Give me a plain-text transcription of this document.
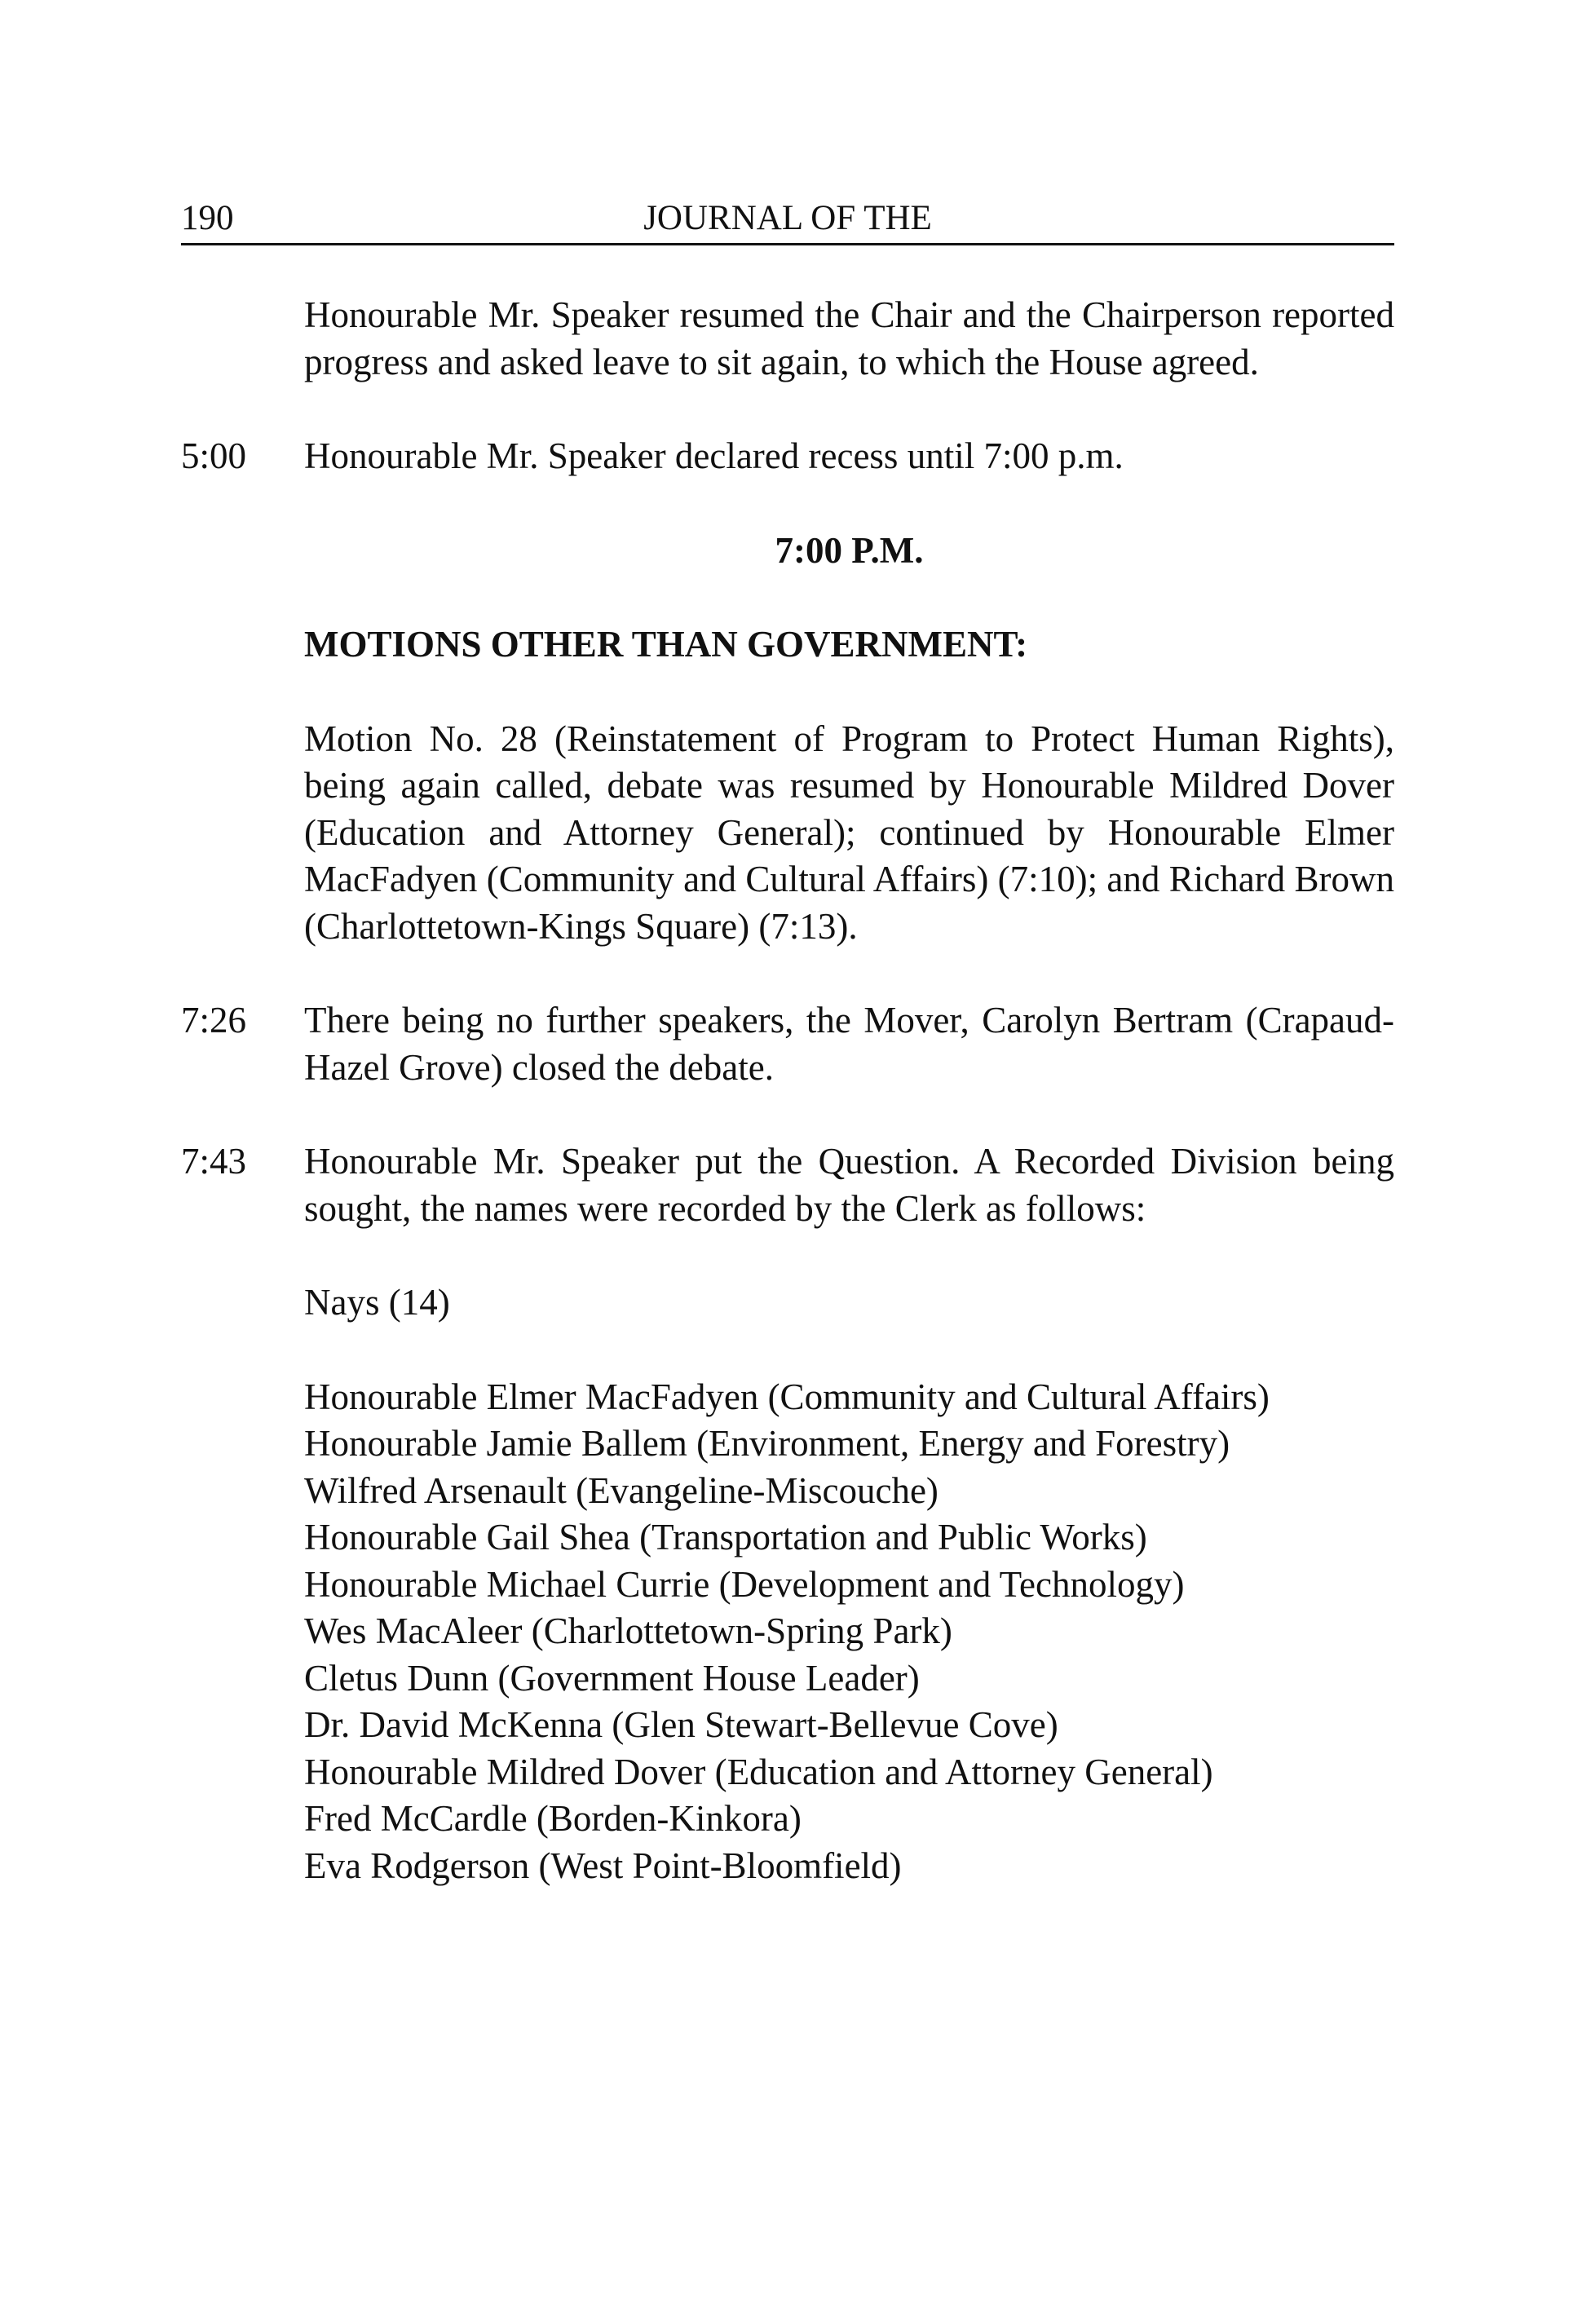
190	JOURNAL OF THE
Honourable Mr. Speaker resumed the Chair and the Chairperson reported progress and asked leave to sit again, to which the House agreed.
5:00 Honourable Mr. Speaker declared recess until 7:00 p.m.
7:00 P.M.
MOTIONS OTHER THAN GOVERNMENT:
Motion No. 28 (Reinstatement of Program to Protect Human Rights), being again called, debate was resumed by Honourable Mildred Dover (Education and Attorney General); continued by Honourable Elmer MacFadyen (Community and Cultural Affairs) (7:10); and Richard Brown (Charlottetown-Kings Square) (7:13).
7:26 There being no further speakers, the Mover, Carolyn Bertram (Crapaud-Hazel Grove) closed the debate.
7:43 Honourable Mr. Speaker put the Question. A Recorded Division being sought, the names were recorded by the Clerk as follows:
Nays (14)
Honourable Elmer MacFadyen (Community and Cultural Affairs)
Honourable Jamie Ballem (Environment, Energy and Forestry)
Wilfred Arsenault (Evangeline-Miscouche)
Honourable Gail Shea (Transportation and Public Works)
Honourable Michael Currie (Development and Technology)
Wes MacAleer (Charlottetown-Spring Park)
Cletus Dunn (Government House Leader)
Dr. David McKenna (Glen Stewart-Bellevue Cove)
Honourable Mildred Dover (Education and Attorney General)
Fred McCardle (Borden-Kinkora)
Eva Rodgerson (West Point-Bloomfield)
